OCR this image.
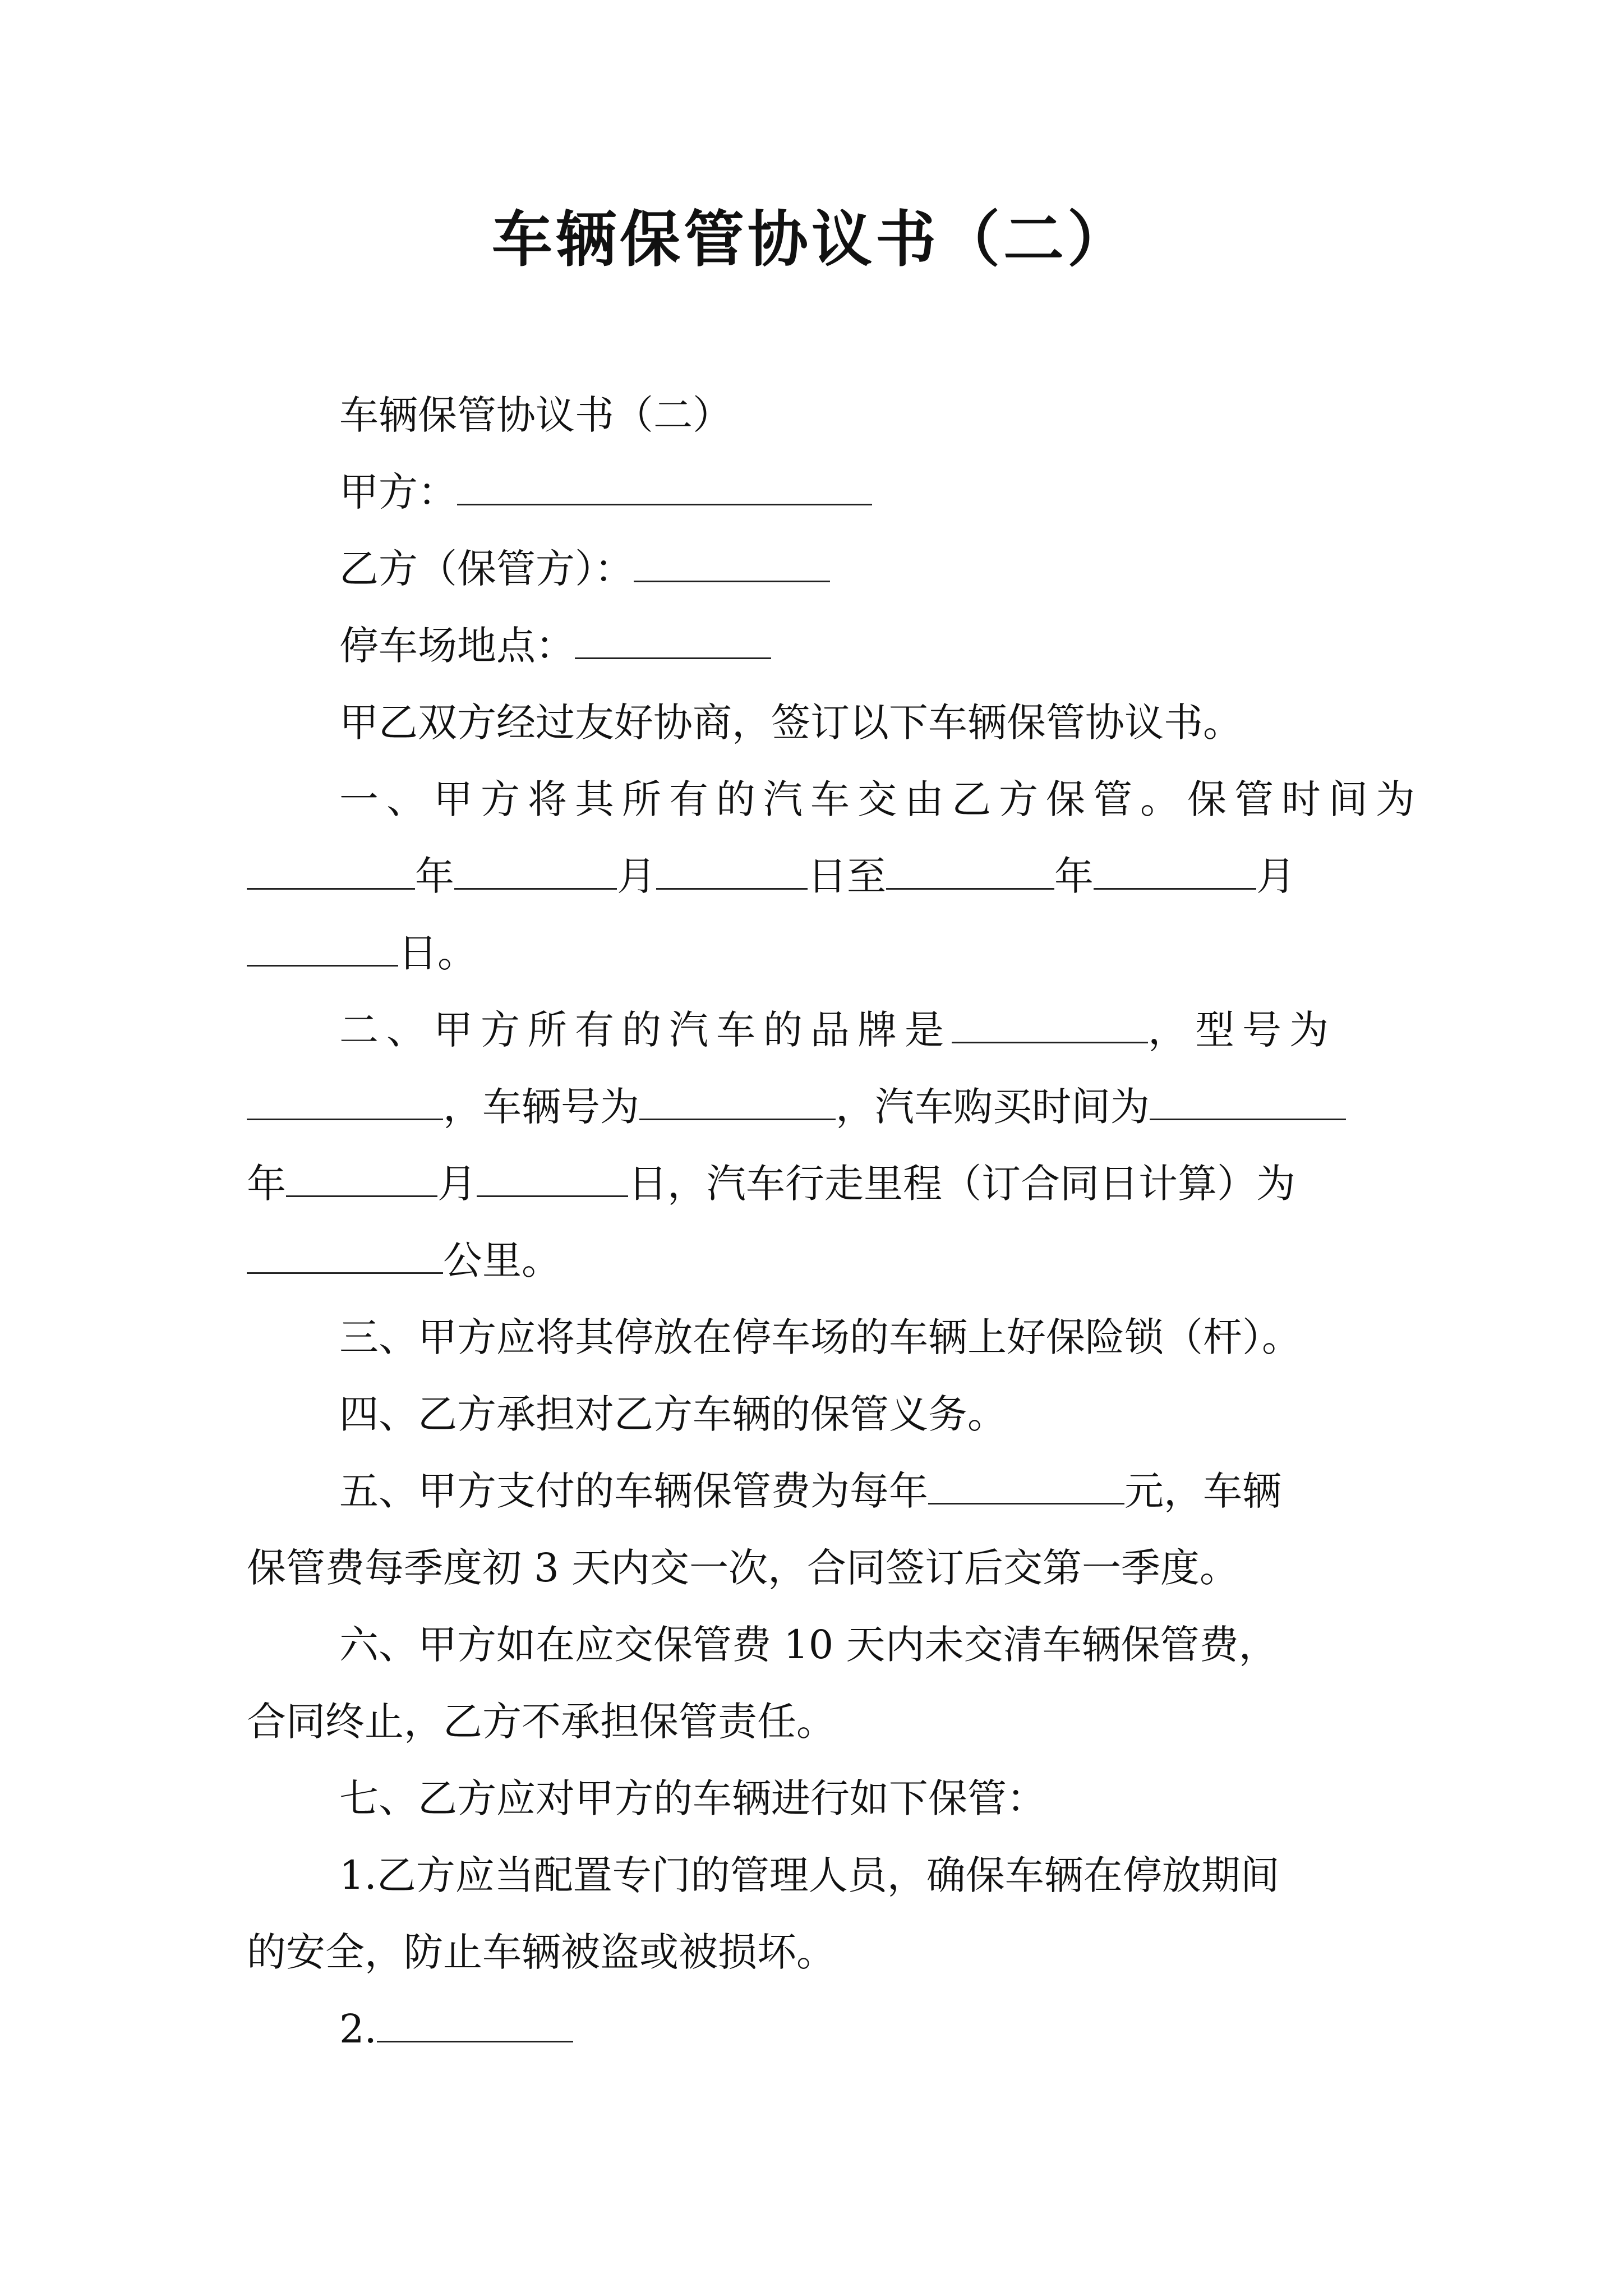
车辆保管协议书（二）
车辆保管协议书（二）
甲方：
乙方（保管方）：
停车场地点：
甲乙双方经过友好协商，签订以下车辆保管协议书。
一、甲方将其所有的汽车交由乙方保管。保管时间为
年	月	日至	年	月
日。
二、甲方所有的汽车的品牌是	，型号为
，车辆号为	，汽车购买时间为
年	月	日，汽车行走里程（订合同日计算）为
公里。
三、甲方应将其停放在停车场的车辆上好保险锁（杆）。
四、乙方承担对乙方车辆的保管义务。
五、甲方支付的车辆保管费为每年	元，车辆
保管费每季度初 3 天内交一次，合同签订后交第一季度。
六、甲方如在应交保管费 10 天内未交清车辆保管费，
合同终止，乙方不承担保管责任。
七、乙方应对甲方的车辆进行如下保管：
1.乙方应当配置专门的管理人员，确保车辆在停放期间
的安全，防止车辆被盗或被损坏。
2.
